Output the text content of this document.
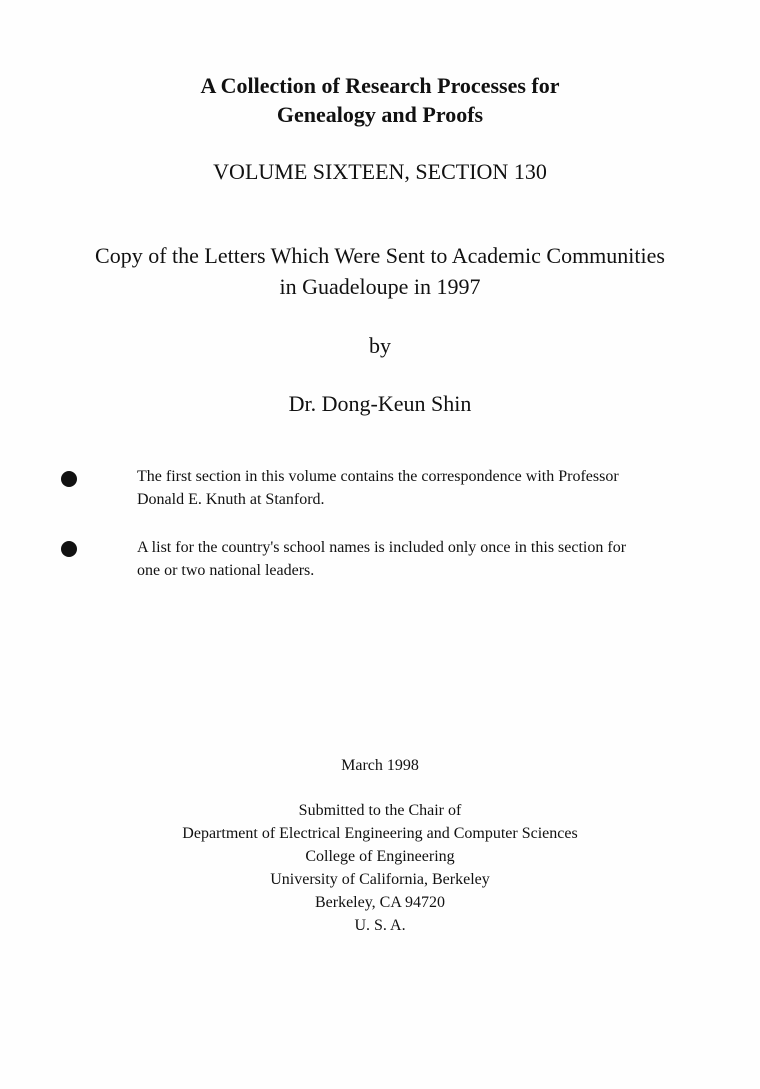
A Collection of Research Processes for
Genealogy and Proofs
VOLUME SIXTEEN, SECTION 130
Copy of the Letters Which Were Sent to Academic Communities
in Guadeloupe in 1997
by
Dr. Dong-Keun Shin
The first section in this volume contains the correspondence with Professor
Donald E. Knuth at Stanford.
A list for the country's school names is included only once in this section for
one or two national leaders.
March 1998
Submitted to the Chair of
Department of Electrical Engineering and Computer Sciences
College of Engineering
University of California, Berkeley
Berkeley, CA 94720
U. S. A.
